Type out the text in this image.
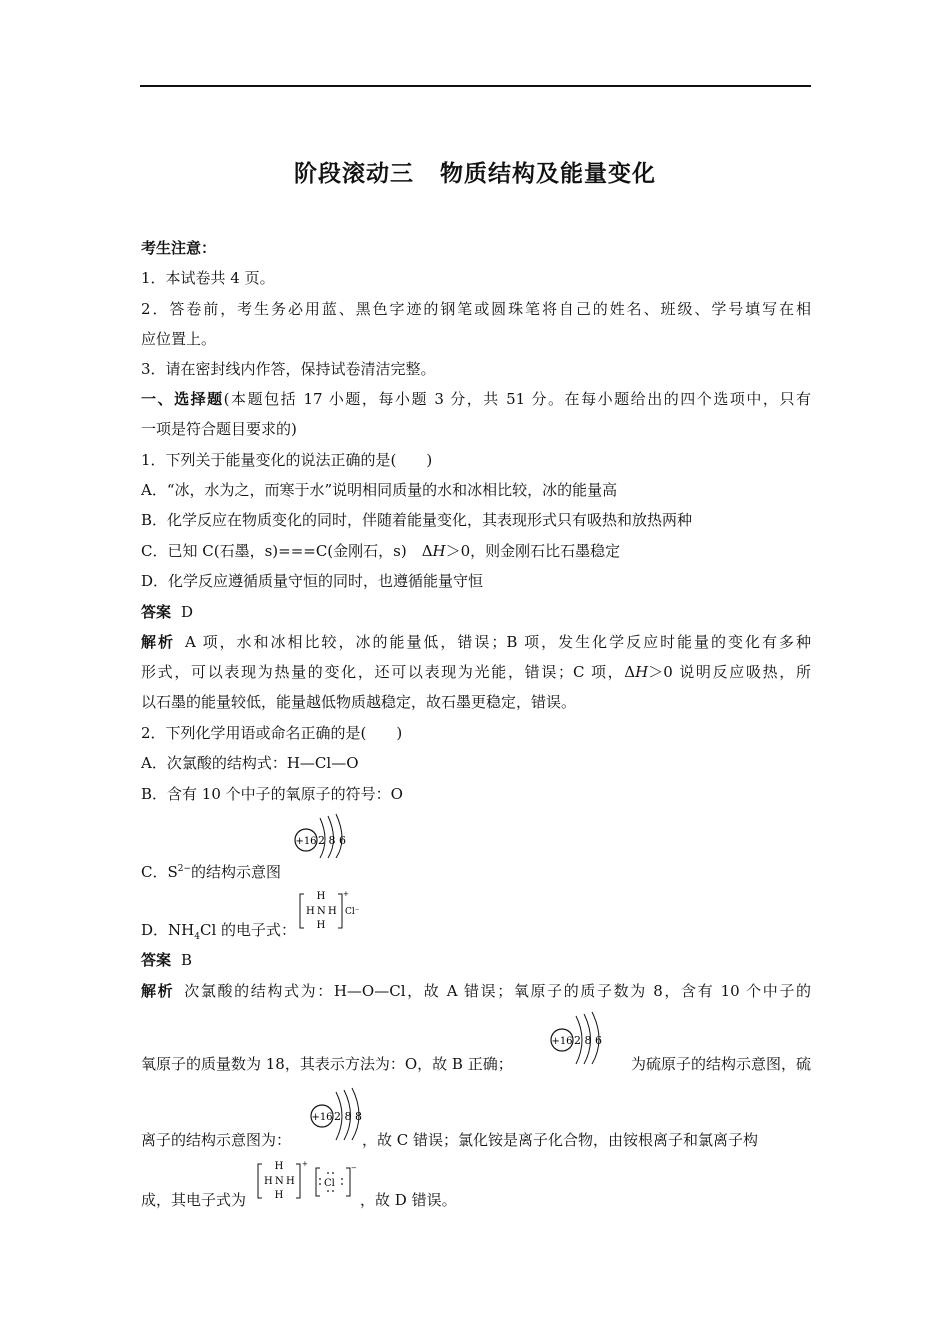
阶段滚动三 物质结构及能量变化
考生注意：
1．本试卷共 4 页。
2．答卷前，考生务必用蓝、黑色字迹的钢笔或圆珠笔将自己的姓名、班级、学号填写在相
应位置上。
3．请在密封线内作答，保持试卷清洁完整。
一、选择题(本题包括 17 小题，每小题 3 分，共 51 分。在每小题给出的四个选项中，只有
一项是符合题目要求的)
1．下列关于能量变化的说法正确的是(　　)
A．“冰，水为之，而寒于水”说明相同质量的水和冰相比较，冰的能量高
B．化学反应在物质变化的同时，伴随着能量变化，其表现形式只有吸热和放热两种
C．已知 C(石墨，s)===C(金刚石，s)　ΔH＞0，则金刚石比石墨稳定
D．化学反应遵循质量守恒的同时，也遵循能量守恒
答案 D
解析 A 项，水和冰相比较，冰的能量低，错误；B 项，发生化学反应时能量的变化有多种
形式，可以表现为热量的变化，还可以表现为光能，错误；C 项，ΔH＞0 说明反应吸热，所
以石墨的能量较低，能量越低物质越稳定，故石墨更稳定，错误。
2．下列化学用语或命名正确的是(　　)
A．次氯酸的结构式：H—Cl—O
B．含有 10 个中子的氧原子的符号：O
C．$S^{2-}$的结构示意图
+16 2 8 6
D．$NH_4Cl$ 的电子式：
H
H N H
H
+
Cl⁻
答案 B
解析 次氯酸的结构式为：H—O—Cl，故 A 错误；氧原子的质子数为 8，含有 10 个中子的
氧原子的质量数为 18，其表示方法为：O，故 B 正确；	为硫原子的结构示意图，硫
+16 2 8 6
离子的结构示意图为：	，故 C 错误；氯化铵是离子化合物，由铵根离子和氯离子构
+16 2 8 8
成，其电子式为	，故 D 错误。
H
H N H
H
+
Cl
−
